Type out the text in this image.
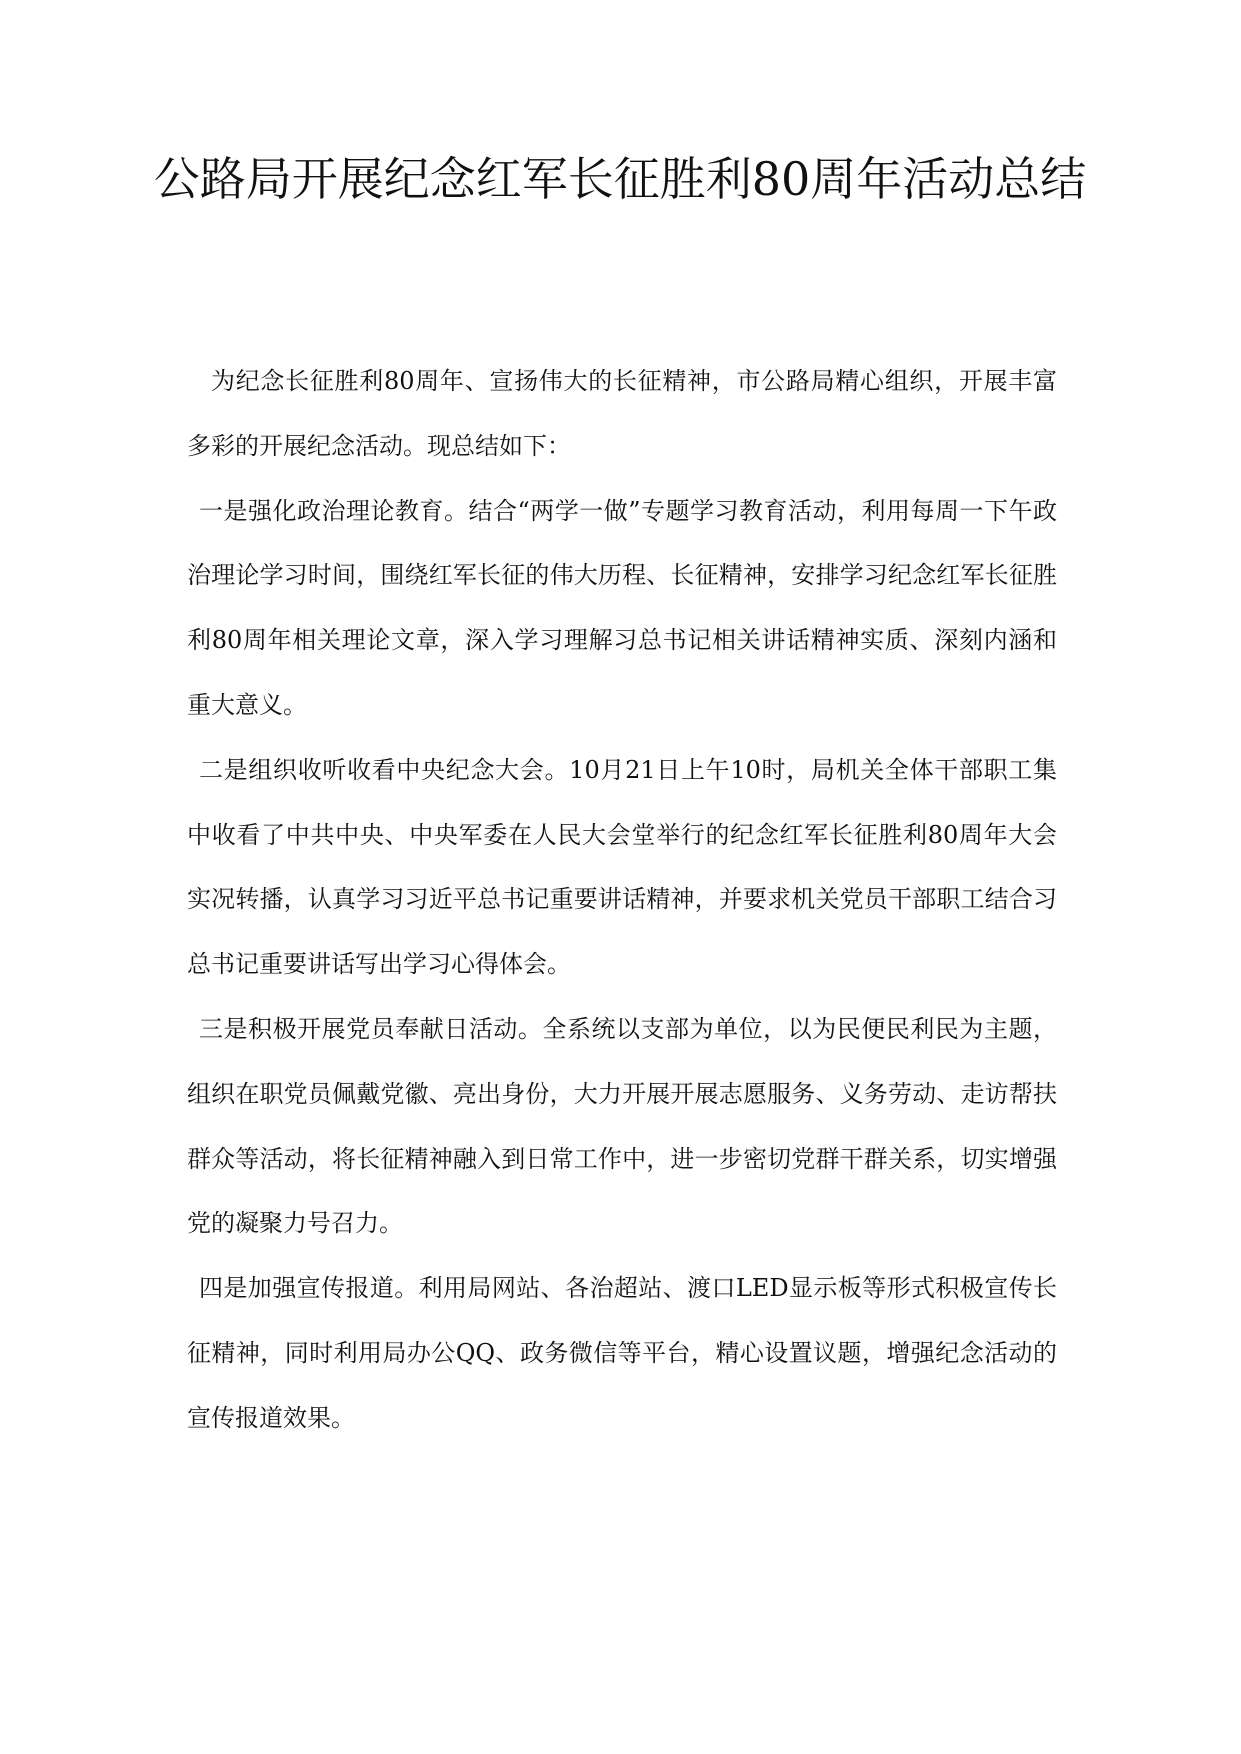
公路局开展纪念红军长征胜利80周年活动总结

为纪念长征胜利80周年、宣扬伟大的长征精神，市公路局精心组织，开展丰富多彩的开展纪念活动。现总结如下：

一是强化政治理论教育。结合“两学一做”专题学习教育活动，利用每周一下午政治理论学习时间，围绕红军长征的伟大历程、长征精神，安排学习纪念红军长征胜利80周年相关理论文章，深入学习理解习总书记相关讲话精神实质、深刻内涵和重大意义。

二是组织收听收看中央纪念大会。10月21日上午10时，局机关全体干部职工集中收看了中共中央、中央军委在人民大会堂举行的纪念红军长征胜利80周年大会实况转播，认真学习习近平总书记重要讲话精神，并要求机关党员干部职工结合习总书记重要讲话写出学习心得体会。

三是积极开展党员奉献日活动。全系统以支部为单位，以为民便民利民为主题，组织在职党员佩戴党徽、亮出身份，大力开展开展志愿服务、义务劳动、走访帮扶群众等活动，将长征精神融入到日常工作中，进一步密切党群干群关系，切实增强党的凝聚力号召力。

四是加强宣传报道。利用局网站、各治超站、渡口LED显示板等形式积极宣传长征精神，同时利用局办公QQ、政务微信等平台，精心设置议题，增强纪念活动的宣传报道效果。
